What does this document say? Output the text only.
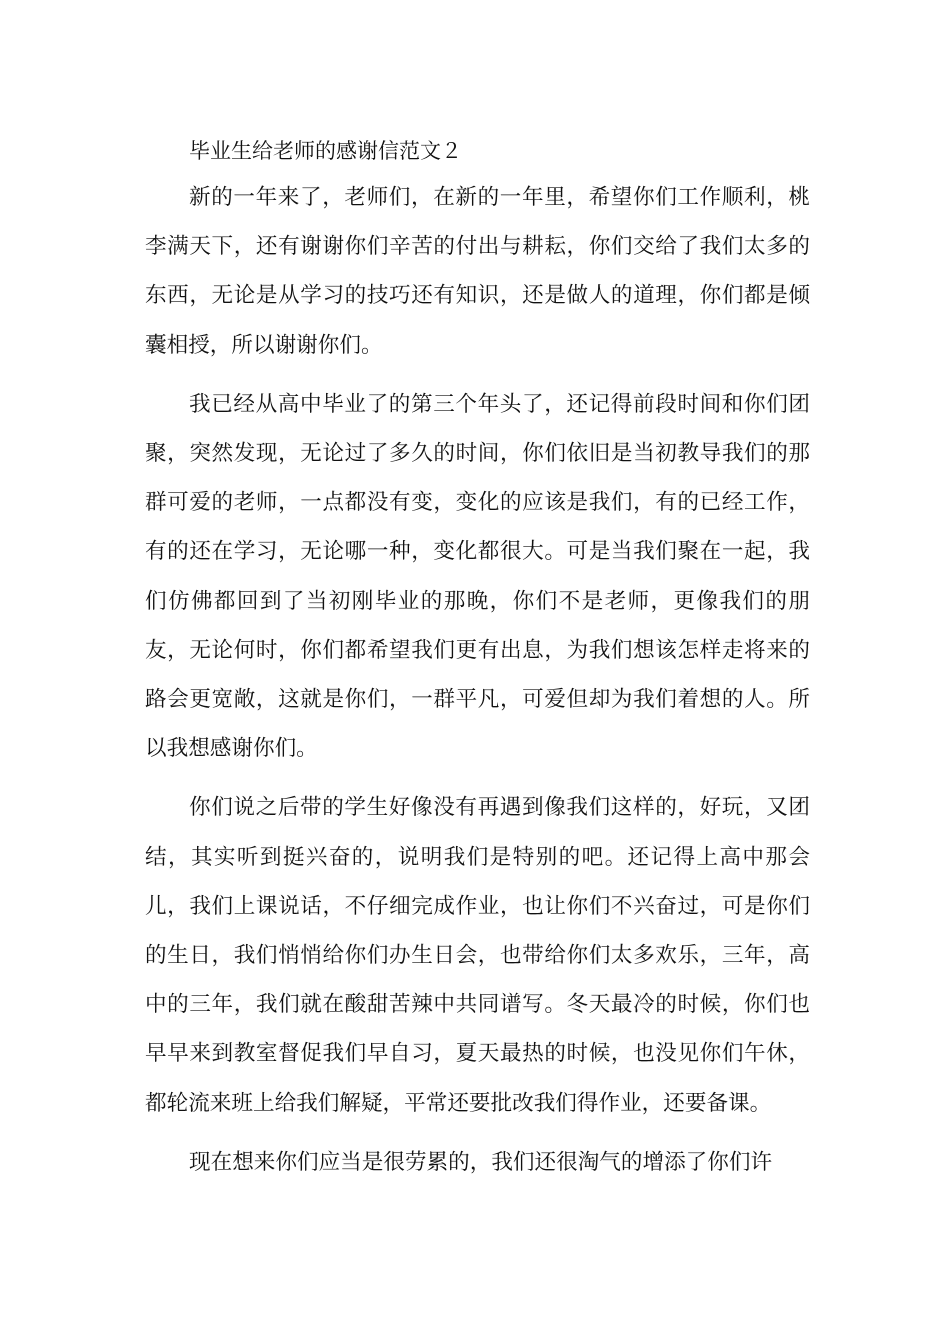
毕业生给老师的感谢信范文２

新的一年来了，老师们，在新的一年里，希望你们工作顺利，桃李满天下，还有谢谢你们辛苦的付出与耕耘，你们交给了我们太多的东西，无论是从学习的技巧还有知识，还是做人的道理，你们都是倾囊相授，所以谢谢你们。

我已经从高中毕业了的第三个年头了，还记得前段时间和你们团聚，突然发现，无论过了多久的时间，你们依旧是当初教导我们的那群可爱的老师，一点都没有变，变化的应该是我们，有的已经工作，有的还在学习，无论哪一种，变化都很大。可是当我们聚在一起，我们仿佛都回到了当初刚毕业的那晚，你们不是老师，更像我们的朋友，无论何时，你们都希望我们更有出息，为我们想该怎样走将来的路会更宽敞，这就是你们，一群平凡，可爱但却为我们着想的人。所以我想感谢你们。

你们说之后带的学生好像没有再遇到像我们这样的，好玩，又团结，其实听到挺兴奋的，说明我们是特别的吧。还记得上高中那会儿，我们上课说话，不仔细完成作业，也让你们不兴奋过，可是你们的生日，我们悄悄给你们办生日会，也带给你们太多欢乐，三年，高中的三年，我们就在酸甜苦辣中共同谱写。冬天最冷的时候，你们也早早来到教室督促我们早自习，夏天最热的时候，也没见你们午休，都轮流来班上给我们解疑，平常还要批改我们得作业，还要备课。

现在想来你们应当是很劳累的，我们还很淘气的增添了你们许
